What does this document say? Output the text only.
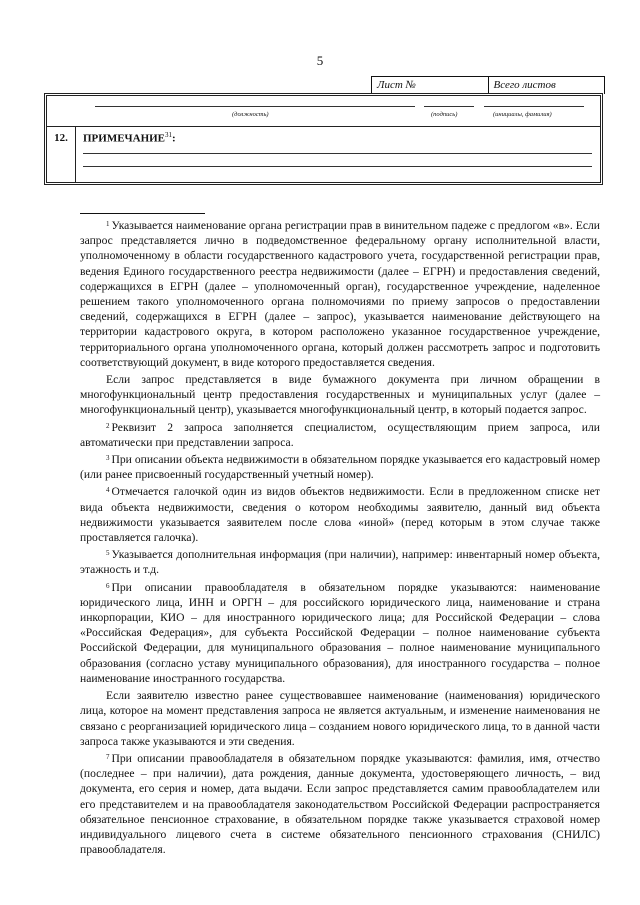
5
Лист №	Всего листов
(должность)	(подпись)	(инициалы, фамилия)
12.	ПРИМЕЧАНИЕ$^{31}$:

$^1$ Указывается наименование органа регистрации прав в винительном падеже с предлогом «в». Если запрос представляется лично в подведомственное федеральному органу исполнительной власти, уполномоченному в области государственного кадастрового учета, государственной регистрации прав, ведения Единого государственного реестра недвижимости (далее – ЕГРН) и предоставления сведений, содержащихся в ЕГРН (далее – уполномоченный орган), государственное учреждение, наделенное решением такого уполномоченного органа полномочиями по приему запросов о предоставлении сведений, содержащихся в ЕГРН (далее – запрос), указывается наименование действующего на территории кадастрового округа, в котором расположено указанное государственное учреждение, территориального органа уполномоченного органа, который должен рассмотреть запрос и подготовить соответствующий документ, в виде которого предоставляется сведения.

Если запрос представляется в виде бумажного документа при личном обращении в многофункциональный центр предоставления государственных и муниципальных услуг (далее – многофункциональный центр), указывается многофункциональный центр, в который подается запрос.

$^2$ Реквизит 2 запроса заполняется специалистом, осуществляющим прием запроса, или автоматически при представлении запроса.

$^3$ При описании объекта недвижимости в обязательном порядке указывается его кадастровый номер (или ранее присвоенный государственный учетный номер).

$^4$ Отмечается галочкой один из видов объектов недвижимости. Если в предложенном списке нет вида объекта недвижимости, сведения о котором необходимы заявителю, данный вид объекта недвижимости указывается заявителем после слова «иной» (перед которым в этом случае также проставляется галочка).

$^5$ Указывается дополнительная информация (при наличии), например: инвентарный номер объекта, этажность и т.д.

$^6$ При описании правообладателя в обязательном порядке указываются: наименование юридического лица, ИНН и ОРГН – для российского юридического лица, наименование и страна инкорпорации, КИО – для иностранного юридического лица; для Российской Федерации – слова «Российская Федерация», для субъекта Российской Федерации – полное наименование субъекта Российской Федерации, для муниципального образования – полное наименование муниципального образования (согласно уставу муниципального образования), для иностранного государства – полное наименование иностранного государства.

Если заявителю известно ранее существовавшее наименование (наименования) юридического лица, которое на момент представления запроса не является актуальным, и изменение наименования не связано с реорганизацией юридического лица – созданием нового юридического лица, то в данной части запроса также указываются и эти сведения.

$^7$ При описании правообладателя в обязательном порядке указываются: фамилия, имя, отчество (последнее – при наличии), дата рождения, данные документа, удостоверяющего личность, – вид документа, его серия и номер, дата выдачи. Если запрос представляется самим правообладателем или его представителем и на правообладателя законодательством Российской Федерации распространяется обязательное пенсионное страхование, в обязательном порядке также указывается страховой номер индивидуального лицевого счета в системе обязательного пенсионного страхования (СНИЛС) правообладателя.
